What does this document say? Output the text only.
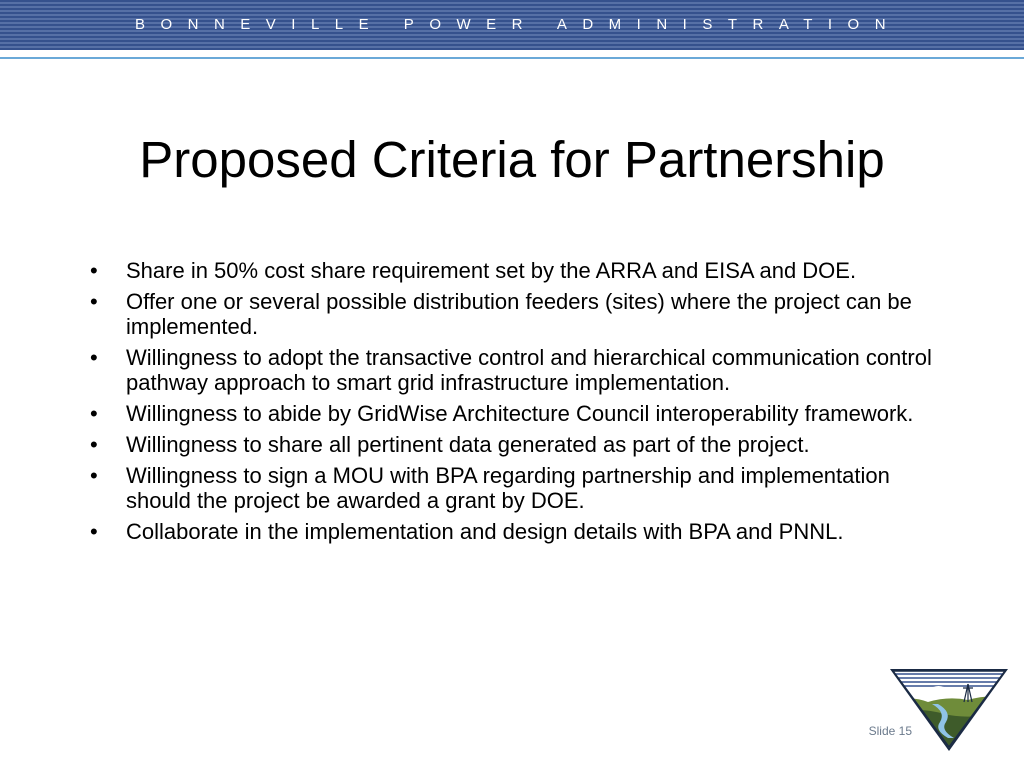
BONNEVILLE POWER ADMINISTRATION
Proposed Criteria for Partnership
• Share in 50% cost share requirement set by the ARRA and EISA and DOE.
• Offer one or several possible distribution feeders (sites) where the project can be implemented.
• Willingness to adopt the transactive control and hierarchical communication control pathway approach to smart grid infrastructure implementation.
• Willingness to abide by GridWise Architecture Council interoperability framework.
• Willingness to share all pertinent data generated as part of the project.
• Willingness to sign a MOU with BPA regarding partnership and implementation should the project be awarded a grant by DOE.
• Collaborate in the implementation and design details with BPA and PNNL.
Slide 15
